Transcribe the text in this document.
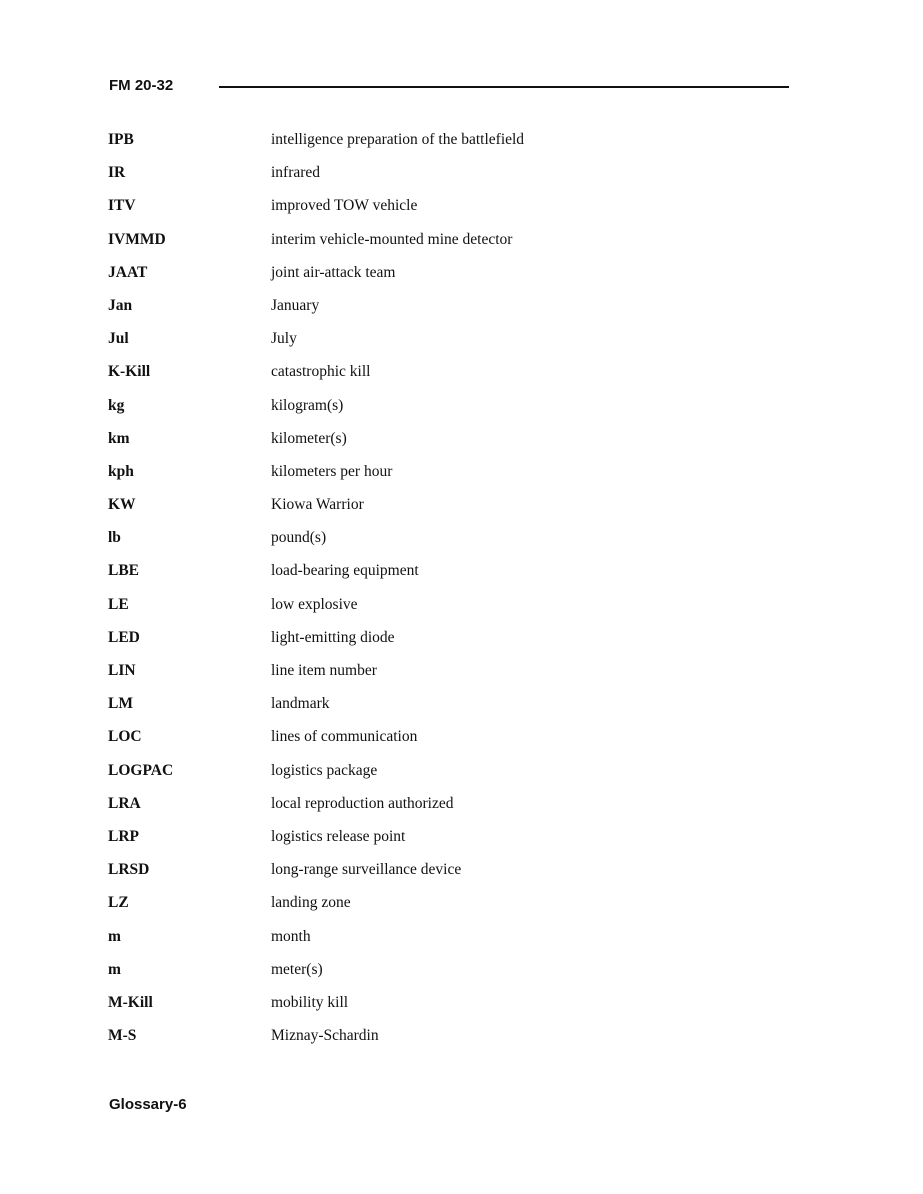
FM 20-32
IPB	intelligence preparation of the battlefield
IR	infrared
ITV	improved TOW vehicle
IVMMD	interim vehicle-mounted mine detector
JAAT	joint air-attack team
Jan	January
Jul	July
K-Kill	catastrophic kill
kg	kilogram(s)
km	kilometer(s)
kph	kilometers per hour
KW	Kiowa Warrior
lb	pound(s)
LBE	load-bearing equipment
LE	low explosive
LED	light-emitting diode
LIN	line item number
LM	landmark
LOC	lines of communication
LOGPAC	logistics package
LRA	local reproduction authorized
LRP	logistics release point
LRSD	long-range surveillance device
LZ	landing zone
m	month
m	meter(s)
M-Kill	mobility kill
M-S	Miznay-Schardin
Glossary-6
